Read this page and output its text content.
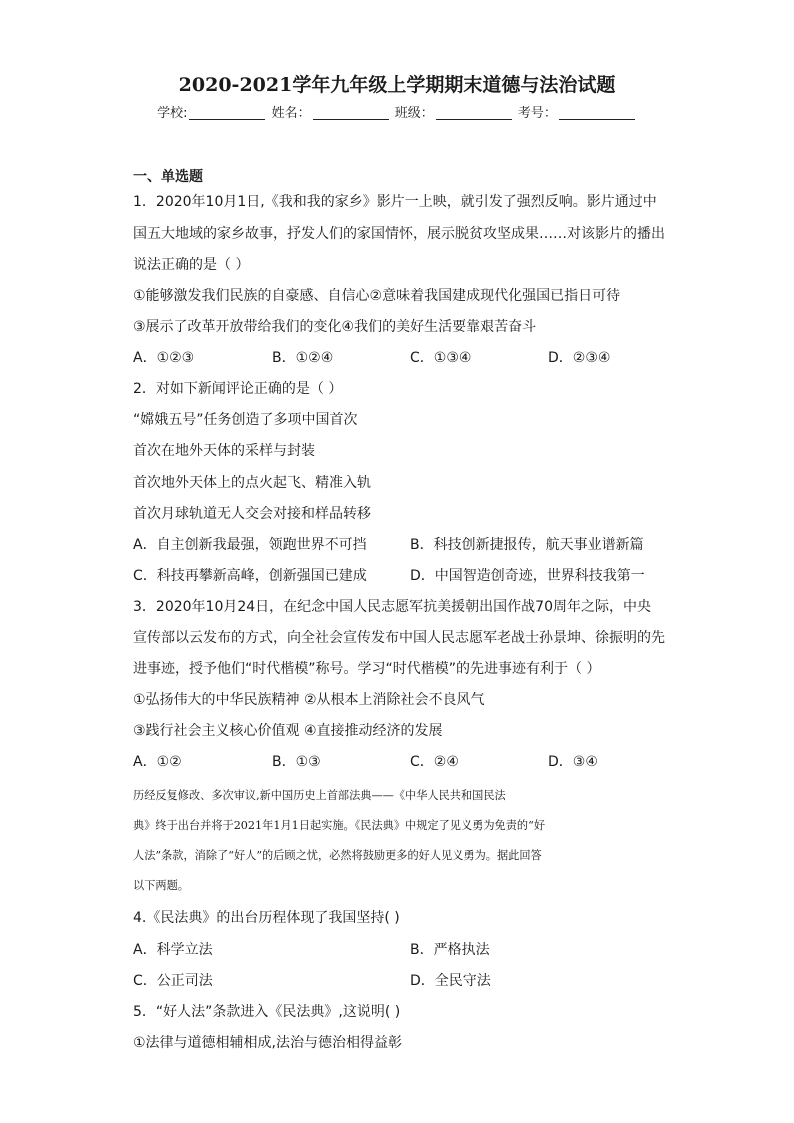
2020-2021学年九年级上学期期末道德与法治试题
学校:	姓名：	班级：	考号：
一、单选题
1．2020年10月1日,《我和我的家乡》影片一上映，就引发了强烈反响。影片通过中
国五大地域的家乡故事，抒发人们的家国情怀，展示脱贫攻坚成果……对该影片的播出
说法正确的是（ ）
①能够激发我们民族的自豪感、自信心②意味着我国建成现代化强国已指日可待
③展示了改革开放带给我们的变化④我们的美好生活要靠艰苦奋斗
A．①②③	B．①②④	C．①③④	D．②③④
2．对如下新闻评论正确的是（ ）
“嫦娥五号”任务创造了多项中国首次
首次在地外天体的采样与封装
首次地外天体上的点火起飞、精准入轨
首次月球轨道无人交会对接和样品转移
A．自主创新我最强，领跑世界不可挡	B．科技创新捷报传，航天事业谱新篇
C．科技再攀新高峰，创新强国已建成	D．中国智造创奇迹，世界科技我第一
3．2020年10月24日，在纪念中国人民志愿军抗美援朝出国作战70周年之际，中央
宣传部以云发布的方式，向全社会宣传发布中国人民志愿军老战士孙景坤、徐振明的先
进事迹，授予他们“时代楷模”称号。学习“时代楷模”的先进事迹有利于（ ）
①弘扬伟大的中华民族精神 ②从根本上消除社会不良风气
③践行社会主义核心价值观 ④直接推动经济的发展
A．①②	B．①③	C．②④	D．③④
历经反复修改、多次审议,新中国历史上首部法典——《中华人民共和国民法
典》终于出台并将于2021年1月1日起实施。《民法典》中规定了见义勇为免责的“好
人法”条款，消除了“好人”的后顾之忧，必然将鼓励更多的好人见义勇为。据此回答
以下两题。
4.《民法典》的出台历程体现了我国坚持( )
A．科学立法	B．严格执法
C．公正司法	D．全民守法
5．“好人法”条款进入《民法典》,这说明( )
①法律与道德相辅相成,法治与德治相得益彰
